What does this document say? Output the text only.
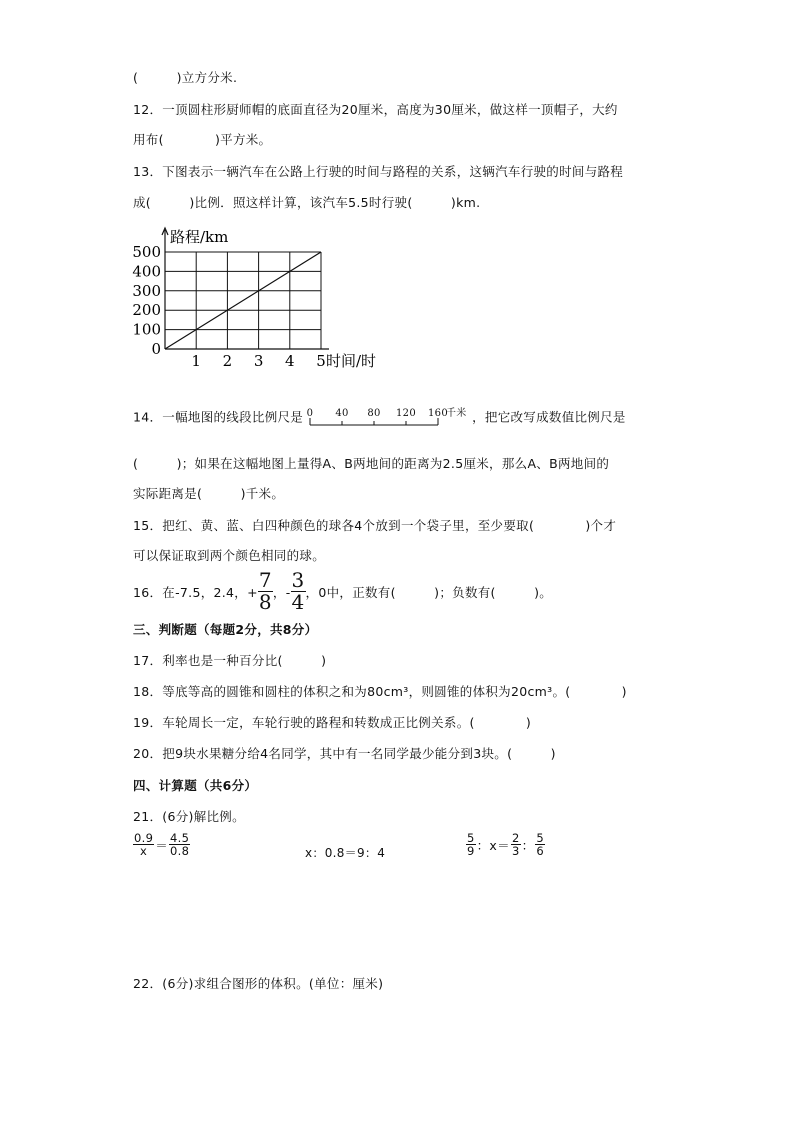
(　　　)立方分米.
12．一顶圆柱形厨师帽的底面直径为20厘米，高度为30厘米，做这样一顶帽子，大约
用布(　　　　)平方米。
13．下图表示一辆汽车在公路上行驶的时间与路程的关系，这辆汽车行驶的时间与路程
成(　　　)比例．照这样计算，该汽车5.5时行驶(　　　)km.
0
100
200
300
400
500
1 2 3 4 5 时间/时
路程/km
14．一幅地图的线段比例尺是 0 40 80 120 160
千米 ，把它改写成数值比例尺是
(　　　)；如果在这幅地图上量得A、B两地间的距离为2.5厘米，那么A、B两地间的
实际距离是(　　　)千米。
15．把红、黄、蓝、白四种颜色的球各4个放到一个袋子里，至少要取(　　　　)个才
可以保证取到两个颜色相同的球。
16．在-7.5，2.4，+ $\frac{7}{8}$ ，- $\frac{3}{4}$ ，0中，正数有(　　　)；负数有(　　　)。
三、判断题（每题2分，共8分）
17．利率也是一种百分比(　　　)
18．等底等高的圆锥和圆柱的体积之和为80cm³，则圆锥的体积为20cm³。(　　　　)
19．车轮周长一定，车轮行驶的路程和转数成正比例关系。(　　　　)
20．把9块水果糖分给4名同学，其中有一名同学最少能分到3块。(　　　)
四、计算题（共6分）
21．(6分)解比例。
$\frac{0.9}{x} = \frac{4.5}{0.8}$	x：0.8＝9：4	$\frac{5}{9}$ ：$x= \frac{2}{3}$ ： $\frac{5}{6}$
22．(6分)求组合图形的体积。(单位：厘米)
